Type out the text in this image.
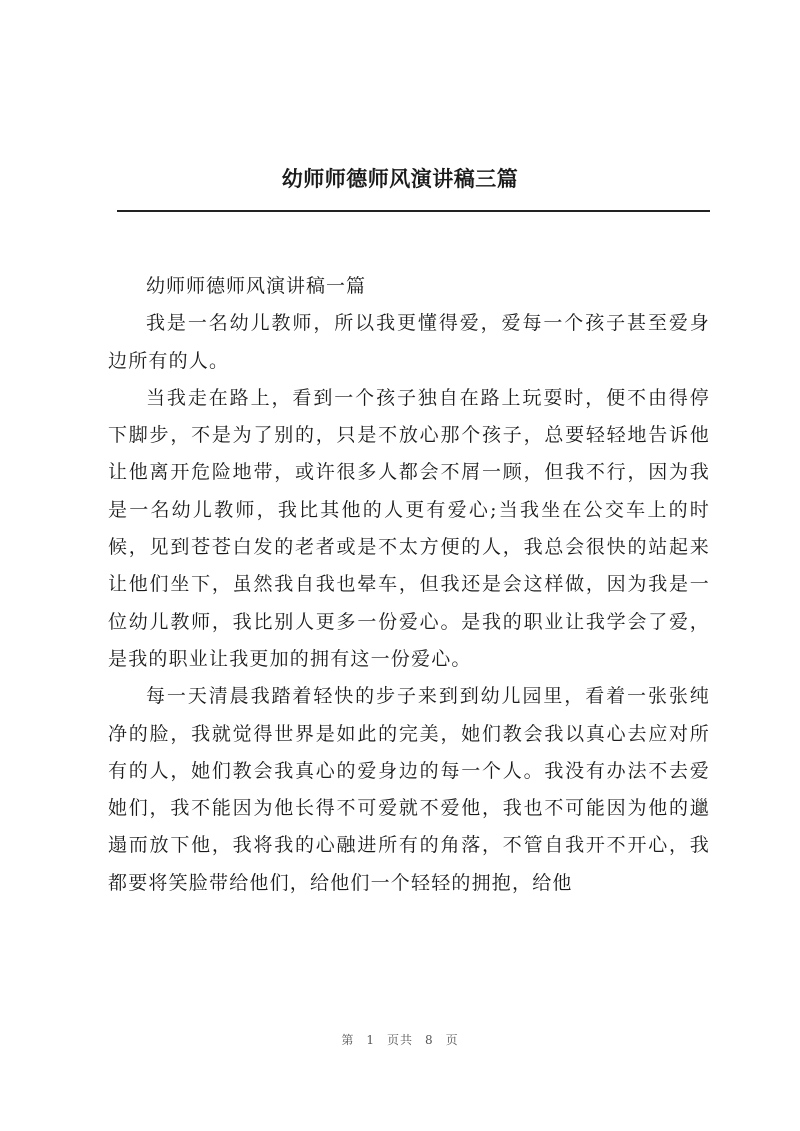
幼师师德师风演讲稿三篇

幼师师德师风演讲稿一篇

我是一名幼儿教师，所以我更懂得爱，爱每一个孩子甚至爱身边所有的人。

当我走在路上，看到一个孩子独自在路上玩耍时，便不由得停下脚步，不是为了别的，只是不放心那个孩子，总要轻轻地告诉他让他离开危险地带，或许很多人都会不屑一顾，但我不行，因为我是一名幼儿教师，我比其他的人更有爱心;当我坐在公交车上的时候，见到苍苍白发的老者或是不太方便的人，我总会很快的站起来让他们坐下，虽然我自我也晕车，但我还是会这样做，因为我是一位幼儿教师，我比别人更多一份爱心。是我的职业让我学会了爱，是我的职业让我更加的拥有这一份爱心。

每一天清晨我踏着轻快的步子来到到幼儿园里，看着一张张纯净的脸，我就觉得世界是如此的完美，她们教会我以真心去应对所有的人，她们教会我真心的爱身边的每一个人。我没有办法不去爱她们，我不能因为他长得不可爱就不爱他，我也不可能因为他的邋遢而放下他，我将我的心融进所有的角落，不管自我开不开心，我都要将笑脸带给他们，给他们一个轻轻的拥抱，给他

第 1 页共 8 页
